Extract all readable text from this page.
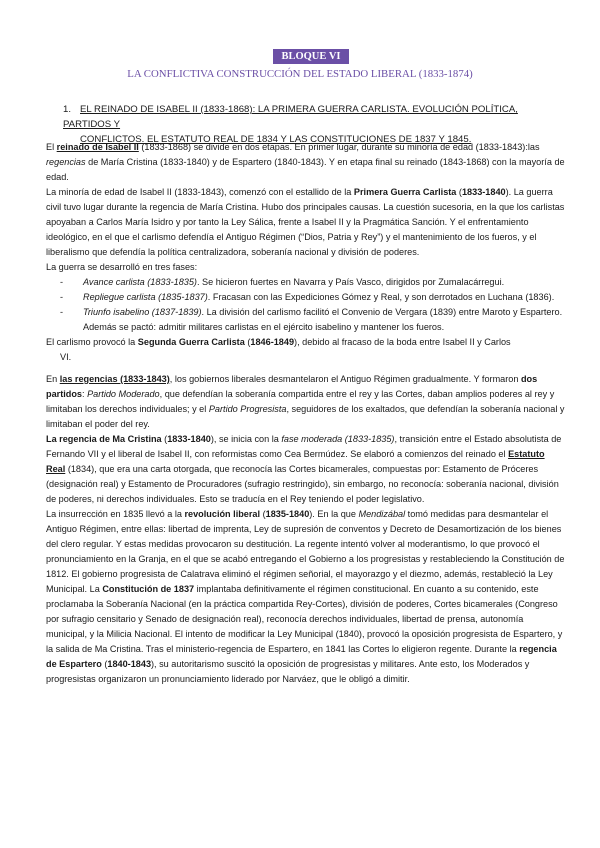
BLOQUE VI
LA CONFLICTIVA CONSTRUCCIÓN DEL ESTADO LIBERAL (1833-1874)
1. EL REINADO DE ISABEL II (1833-1868): LA PRIMERA GUERRA CARLISTA. EVOLUCIÓN POLÍTICA, PARTIDOS Y
CONFLICTOS. EL ESTATUTO REAL DE 1834 Y LAS CONSTITUCIONES DE 1837 Y 1845.

El reinado de Isabel II (1833-1868) se divide en dos etapas. En primer lugar, durante su minoría de edad (1833-1843):las regencias de María Cristina (1833-1840) y de Espartero (1840-1843). Y en etapa final su reinado (1843-1868) con la mayoría de edad.

La minoría de edad de Isabel II (1833-1843), comenzó con el estallido de la Primera Guerra Carlista (1833-1840). La guerra civil tuvo lugar durante la regencia de María Cristina. Hubo dos principales causas. La cuestión sucesoria, en la que los carlistas apoyaban a Carlos María Isidro y por tanto la Ley Sálica, frente a Isabel II y la Pragmática Sanción. Y el enfrentamiento ideológico, en el que el carlismo defendía el Antiguo Régimen (“Dios, Patria y Rey”) y el mantenimiento de los fueros, y el liberalismo que defendía la política centralizadora, soberanía nacional y división de poderes.

La guerra se desarrolló en tres fases:

- Avance carlista (1833-1835). Se hicieron fuertes en Navarra y País Vasco, dirigidos por Zumalacárregui.
- Repliegue carlista (1835-1837). Fracasan con las Expediciones Gómez y Real, y son derrotados en Luchana (1836).
- Triunfo isabelino (1837-1839). La división del carlismo facilitó el Convenio de Vergara (1839) entre Maroto y Espartero. Además se pactó: admitir militares carlistas en el ejército isabelino y mantener los fueros.

El carlismo provocó la Segunda Guerra Carlista (1846-1849), debido al fracaso de la boda entre Isabel II y Carlos
VI.

En las regencias (1833-1843), los gobiernos liberales desmantelaron el Antiguo Régimen gradualmente. Y formaron dos partidos: Partido Moderado, que defendían la soberanía compartida entre el rey y las Cortes, daban amplios poderes al rey y limitaban los derechos individuales; y el Partido Progresista, seguidores de los exaltados, que defendían la soberanía nacional y limitaban el poder del rey.

La regencia de Ma Cristina (1833-1840), se inicia con la fase moderada (1833-1835), transición entre el Estado absolutista de Fernando VII y el liberal de Isabel II, con reformistas como Cea Bermúdez. Se elaboró a comienzos del reinado el Estatuto Real (1834), que era una carta otorgada, que reconocía las Cortes bicamerales, compuestas por: Estamento de Próceres (designación real) y Estamento de Procuradores (sufragio restringido), sin embargo, no reconocía: soberanía nacional, división de poderes, ni derechos individuales. Esto se traducía en el Rey teniendo el poder legislativo.

La insurrección en 1835 llevó a la revolución liberal (1835-1840). En la que Mendizábal tomó medidas para desmantelar el Antiguo Régimen, entre ellas: libertad de imprenta, Ley de supresión de conventos y Decreto de Desamortización de los bienes del clero regular. Y estas medidas provocaron su destitución. La regente intentó volver al moderantismo, lo que provocó el pronunciamiento en la Granja, en el que se acabó entregando el Gobierno a los progresistas y restableciendo la Constitución de 1812. El gobierno progresista de Calatrava eliminó el régimen señorial, el mayorazgo y el diezmo, además, restableció la Ley Municipal. La Constitución de 1837 implantaba definitivamente el régimen constitucional. En cuanto a su contenido, este proclamaba la Soberanía Nacional (en la práctica compartida Rey-Cortes), división de poderes, Cortes bicamerales (Congreso por sufragio censitario y Senado de designación real), reconocía derechos individuales, libertad de prensa, autonomía municipal, y la Milicia Nacional. El intento de modificar la Ley Municipal (1840), provocó la oposición progresista de Espartero, y la salida de Ma Cristina. Tras el ministerio-regencia de Espartero, en 1841 las Cortes lo eligieron regente. Durante la regencia de Espartero (1840-1843), su autoritarismo suscitó la oposición de progresistas y militares. Ante esto, los Moderados y progresistas organizaron un pronunciamiento liderado por Narváez, que le obligó a dimitir.
